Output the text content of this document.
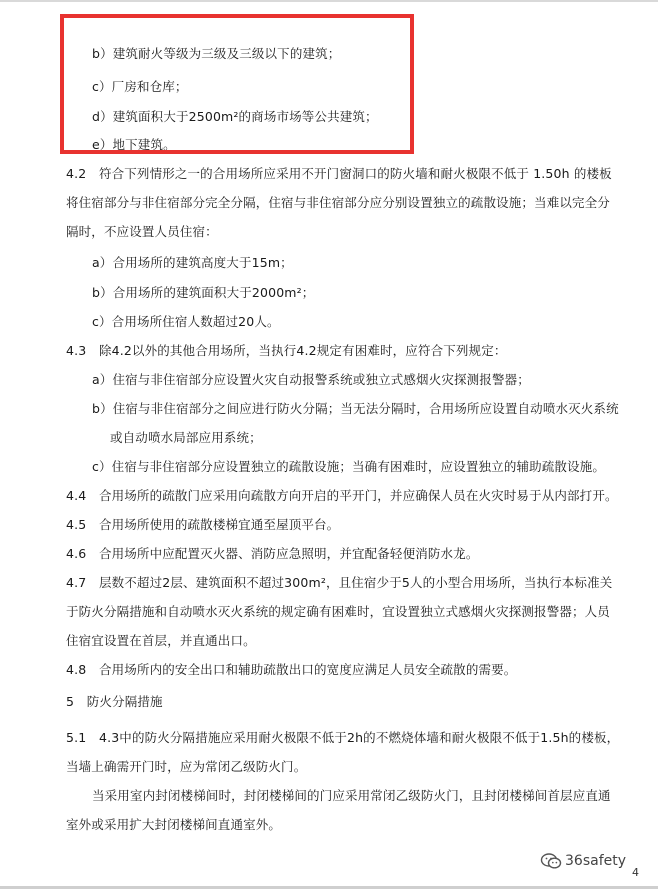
b）建筑耐火等级为三级及三级以下的建筑；
c）厂房和仓库；
d）建筑面积大于2500m²的商场市场等公共建筑；
e）地下建筑。
4.2　符合下列情形之一的合用场所应采用不开门窗洞口的防火墙和耐火极限不低于 1.50h 的楼板
将住宿部分与非住宿部分完全分隔，住宿与非住宿部分应分别设置独立的疏散设施；当难以完全分
隔时，不应设置人员住宿：
a）合用场所的建筑高度大于15m；
b）合用场所的建筑面积大于2000m²；
c）合用场所住宿人数超过20人。
4.3　除4.2以外的其他合用场所，当执行4.2规定有困难时，应符合下列规定：
a）住宿与非住宿部分应设置火灾自动报警系统或独立式感烟火灾探测报警器；
b）住宿与非住宿部分之间应进行防火分隔；当无法分隔时，合用场所应设置自动喷水灭火系统
或自动喷水局部应用系统；
c）住宿与非住宿部分应设置独立的疏散设施；当确有困难时，应设置独立的辅助疏散设施。
4.4　合用场所的疏散门应采用向疏散方向开启的平开门，并应确保人员在火灾时易于从内部打开。
4.5　合用场所使用的疏散楼梯宜通至屋顶平台。
4.6　合用场所中应配置灭火器、消防应急照明，并宜配备轻便消防水龙。
4.7　层数不超过2层、建筑面积不超过300m²，且住宿少于5人的小型合用场所，当执行本标准关
于防火分隔措施和自动喷水灭火系统的规定确有困难时，宜设置独立式感烟火灾探测报警器；人员
住宿宜设置在首层，并直通出口。
4.8　合用场所内的安全出口和辅助疏散出口的宽度应满足人员安全疏散的需要。
5　防火分隔措施
5.1　4.3中的防火分隔措施应采用耐火极限不低于2h的不燃烧体墙和耐火极限不低于1.5h的楼板，
当墙上确需开门时，应为常闭乙级防火门。
当采用室内封闭楼梯间时，封闭楼梯间的门应采用常闭乙级防火门，且封闭楼梯间首层应直通
室外或采用扩大封闭楼梯间直通室外。
36safety
4
